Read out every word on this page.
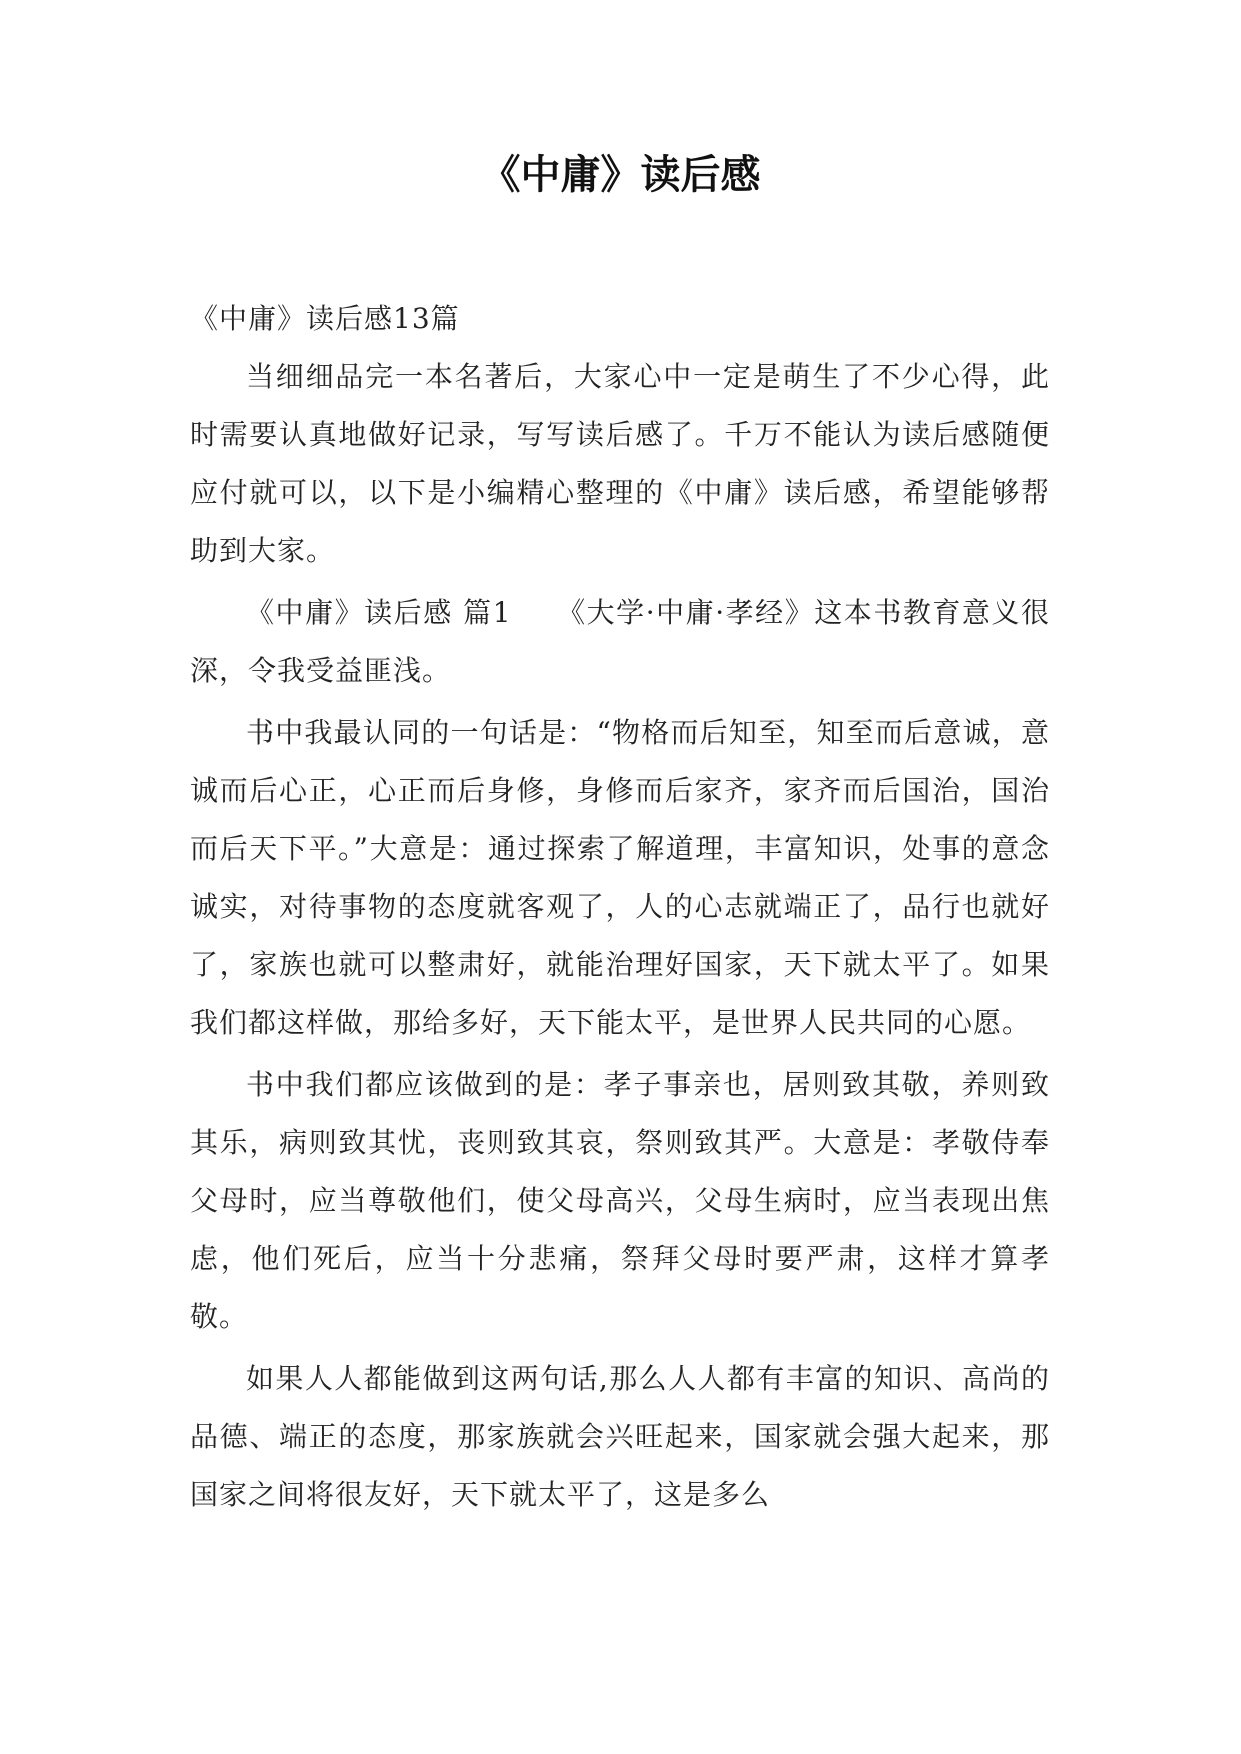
《中庸》读后感

《中庸》读后感13篇

当细细品完一本名著后，大家心中一定是萌生了不少心得，此时需要认真地做好记录，写写读后感了。千万不能认为读后感随便应付就可以，以下是小编精心整理的《中庸》读后感，希望能够帮助到大家。

《中庸》读后感 篇1　　《大学·中庸·孝经》这本书教育意义很深，令我受益匪浅。

书中我最认同的一句话是：“物格而后知至，知至而后意诚，意诚而后心正，心正而后身修，身修而后家齐，家齐而后国治，国治而后天下平。”大意是：通过探索了解道理，丰富知识，处事的意念诚实，对待事物的态度就客观了，人的心志就端正了，品行也就好了，家族也就可以整肃好，就能治理好国家，天下就太平了。如果我们都这样做，那给多好，天下能太平，是世界人民共同的心愿。

书中我们都应该做到的是：孝子事亲也，居则致其敬，养则致其乐，病则致其忧，丧则致其哀，祭则致其严。大意是：孝敬侍奉父母时，应当尊敬他们，使父母高兴，父母生病时，应当表现出焦虑，他们死后，应当十分悲痛，祭拜父母时要严肃，这样才算孝敬。

如果人人都能做到这两句话,那么人人都有丰富的知识、高尚的品德、端正的态度，那家族就会兴旺起来，国家就会强大起来，那国家之间将很友好，天下就太平了，这是多么
